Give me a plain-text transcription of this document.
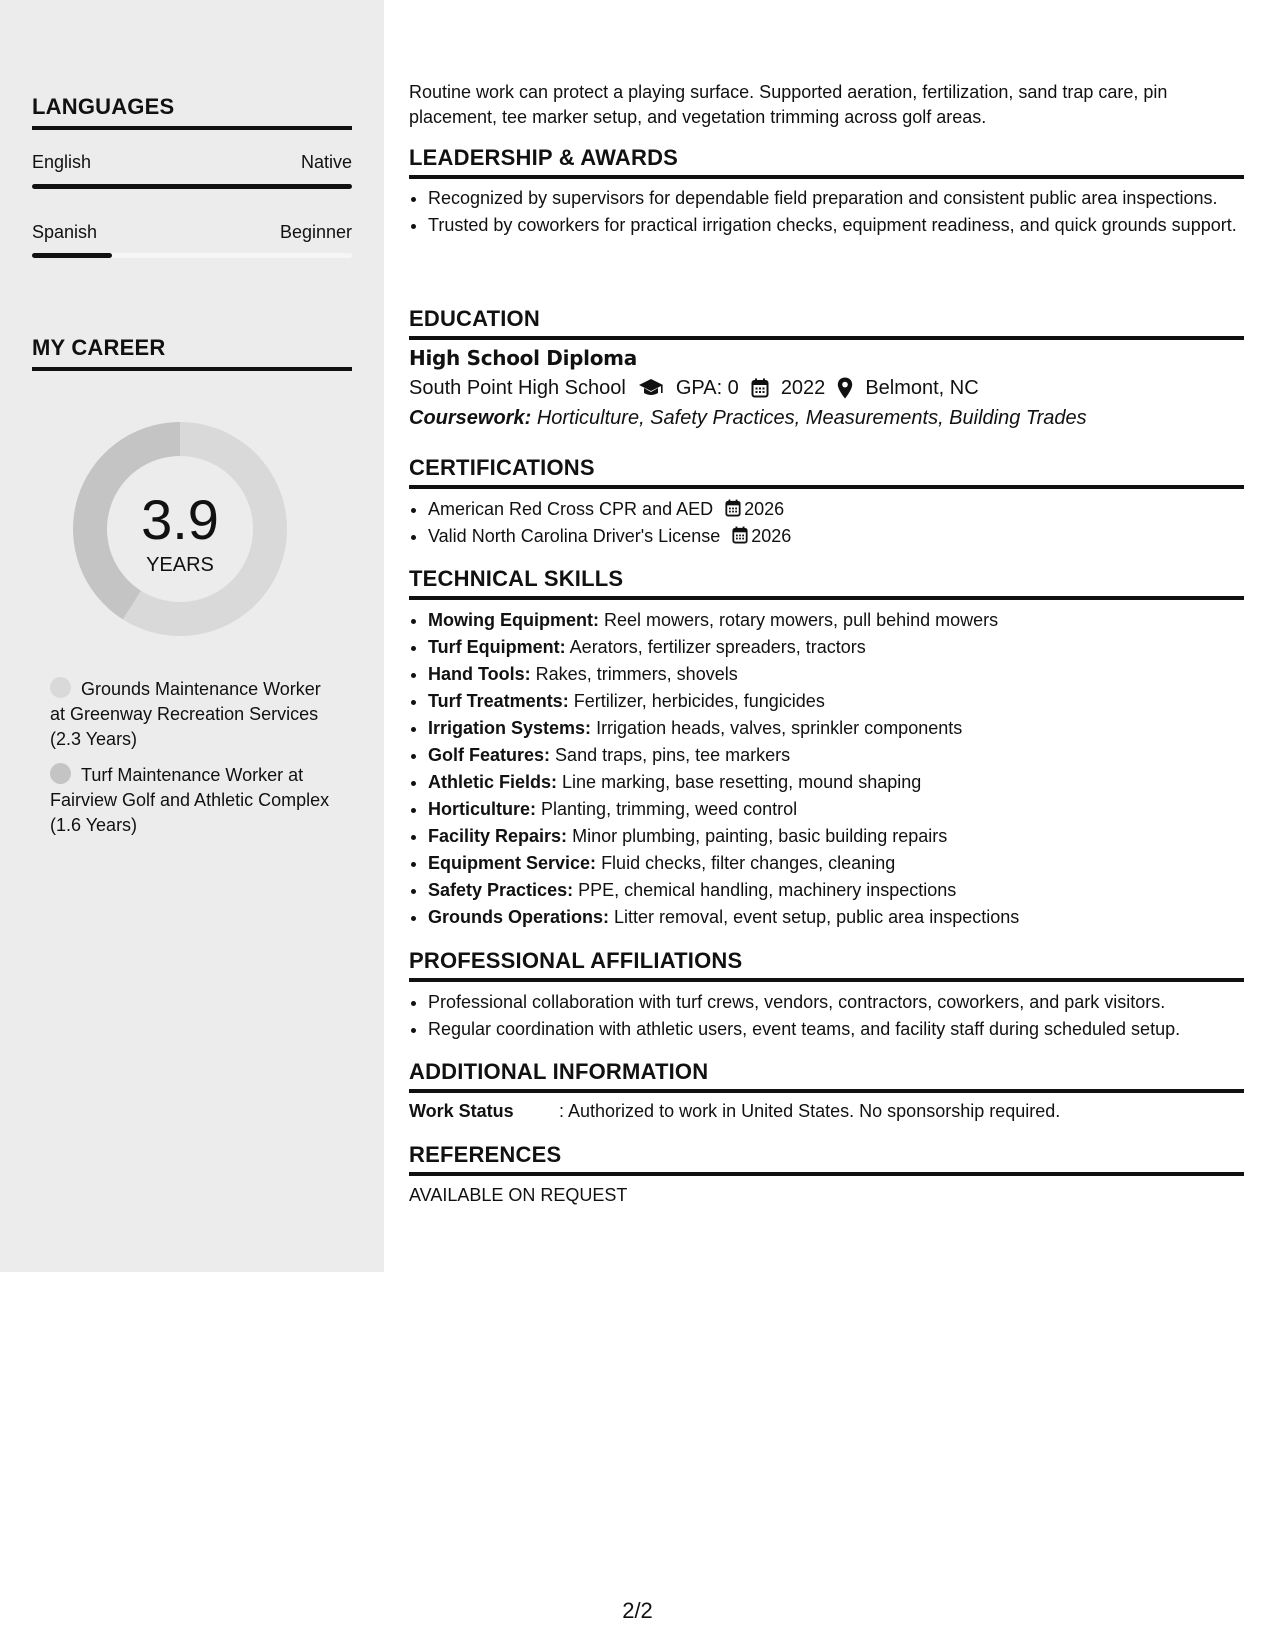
LANGUAGES
English	Native
Spanish	Beginner
MY CAREER
3.9
YEARS
Grounds Maintenance Worker at Greenway Recreation Services (2.3 Years)
Turf Maintenance Worker at Fairview Golf and Athletic Complex (1.6 Years)
Routine work can protect a playing surface. Supported aeration, fertilization, sand trap care, pin placement, tee marker setup, and vegetation trimming across golf areas.
LEADERSHIP & AWARDS
• Recognized by supervisors for dependable field preparation and consistent public area inspections.
• Trusted by coworkers for practical irrigation checks, equipment readiness, and quick grounds support.
EDUCATION
High School Diploma
South Point High School	GPA: 0 2022 Belmont, NC
Coursework: Horticulture, Safety Practices, Measurements, Building Trades
CERTIFICATIONS
• American Red Cross CPR and AED 2026
• Valid North Carolina Driver's License 2026
TECHNICAL SKILLS
• Mowing Equipment: Reel mowers, rotary mowers, pull behind mowers
• Turf Equipment: Aerators, fertilizer spreaders, tractors
• Hand Tools: Rakes, trimmers, shovels
• Turf Treatments: Fertilizer, herbicides, fungicides
• Irrigation Systems: Irrigation heads, valves, sprinkler components
• Golf Features: Sand traps, pins, tee markers
• Athletic Fields: Line marking, base resetting, mound shaping
• Horticulture: Planting, trimming, weed control
• Facility Repairs: Minor plumbing, painting, basic building repairs
• Equipment Service: Fluid checks, filter changes, cleaning
• Safety Practices: PPE, chemical handling, machinery inspections
• Grounds Operations: Litter removal, event setup, public area inspections
PROFESSIONAL AFFILIATIONS
• Professional collaboration with turf crews, vendors, contractors, coworkers, and park visitors.
• Regular coordination with athletic users, event teams, and facility staff during scheduled setup.
ADDITIONAL INFORMATION
Work Status	: Authorized to work in United States. No sponsorship required.
REFERENCES
AVAILABLE ON REQUEST
2/2
